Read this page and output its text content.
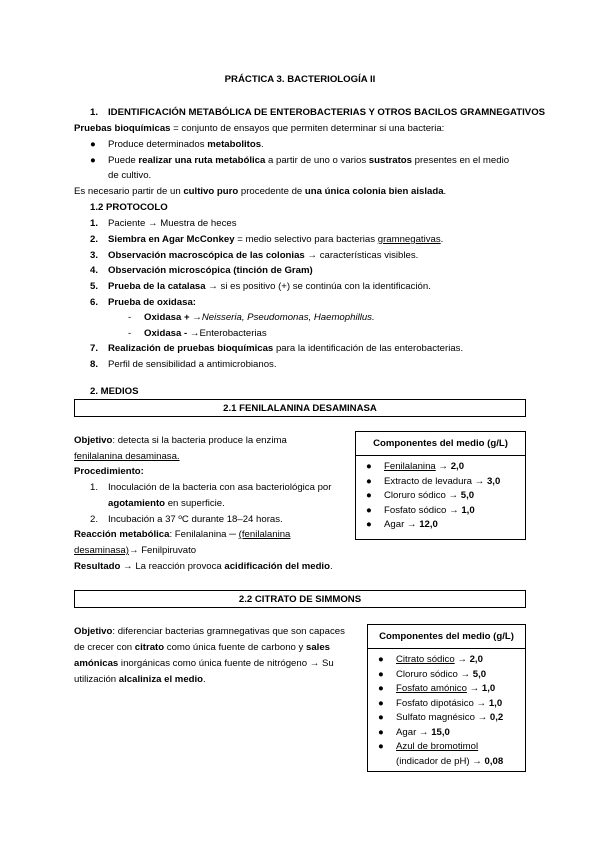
PRÁCTICA 3. BACTERIOLOGÍA II
1. IDENTIFICACIÓN METABÓLICA DE ENTEROBACTERIAS Y OTROS BACILOS GRAMNEGATIVOS
Pruebas bioquímicas = conjunto de ensayos que permiten determinar si una bacteria:
● Produce determinados metabolitos.
● Puede realizar una ruta metabólica a partir de uno o varios sustratos presentes en el medio
de cultivo.
Es necesario partir de un cultivo puro procedente de una única colonia bien aislada.
1.2 PROTOCOLO
1. Paciente → Muestra de heces
2. Siembra en Agar McConkey = medio selectivo para bacterias gramnegativas.
3. Observación macroscópica de las colonias → características visibles.
4. Observación microscópica (tinción de Gram)
5. Prueba de la catalasa → si es positivo (+) se continúa con la identificación.
6. Prueba de oxidasa:
- Oxidasa + →Neisseria, Pseudomonas, Haemophillus.
- Oxidasa - →Enterobacterias
7. Realización de pruebas bioquímicas para la identificación de las enterobacterias.
8. Perfil de sensibilidad a antimicrobianos.
2. MEDIOS
2.1 FENILALANINA DESAMINASA
Objetivo: detecta si la bacteria produce la enzima
fenilalanina desaminasa.
Procedimiento:
1. Inoculación de la bacteria con asa bacteriológica por
agotamiento en superficie.
2. Incubación a 37 ºC durante 18–24 horas.
Reacción metabólica: Fenilalanina ─ (fenilalanina
desaminasa)→ Fenilpiruvato
Resultado → La reacción provoca acidificación del medio.
Componentes del medio (g/L)
● Fenilalanina → 2,0
● Extracto de levadura → 3,0
● Cloruro sódico → 5,0
● Fosfato sódico → 1,0
● Agar → 12,0
2.2 CITRATO DE SIMMONS
Objetivo: diferenciar bacterias gramnegativas que son capaces
de crecer con citrato como única fuente de carbono y sales
amónicas inorgánicas como única fuente de nitrógeno → Su
utilización alcaliniza el medio.
Componentes del medio (g/L)
● Citrato sódico → 2,0
● Cloruro sódico → 5,0
● Fosfato amónico → 1,0
● Fosfato dipotásico → 1,0
● Sulfato magnésico → 0,2
● Agar → 15,0
● Azul de bromotimol
(indicador de pH) → 0,08
